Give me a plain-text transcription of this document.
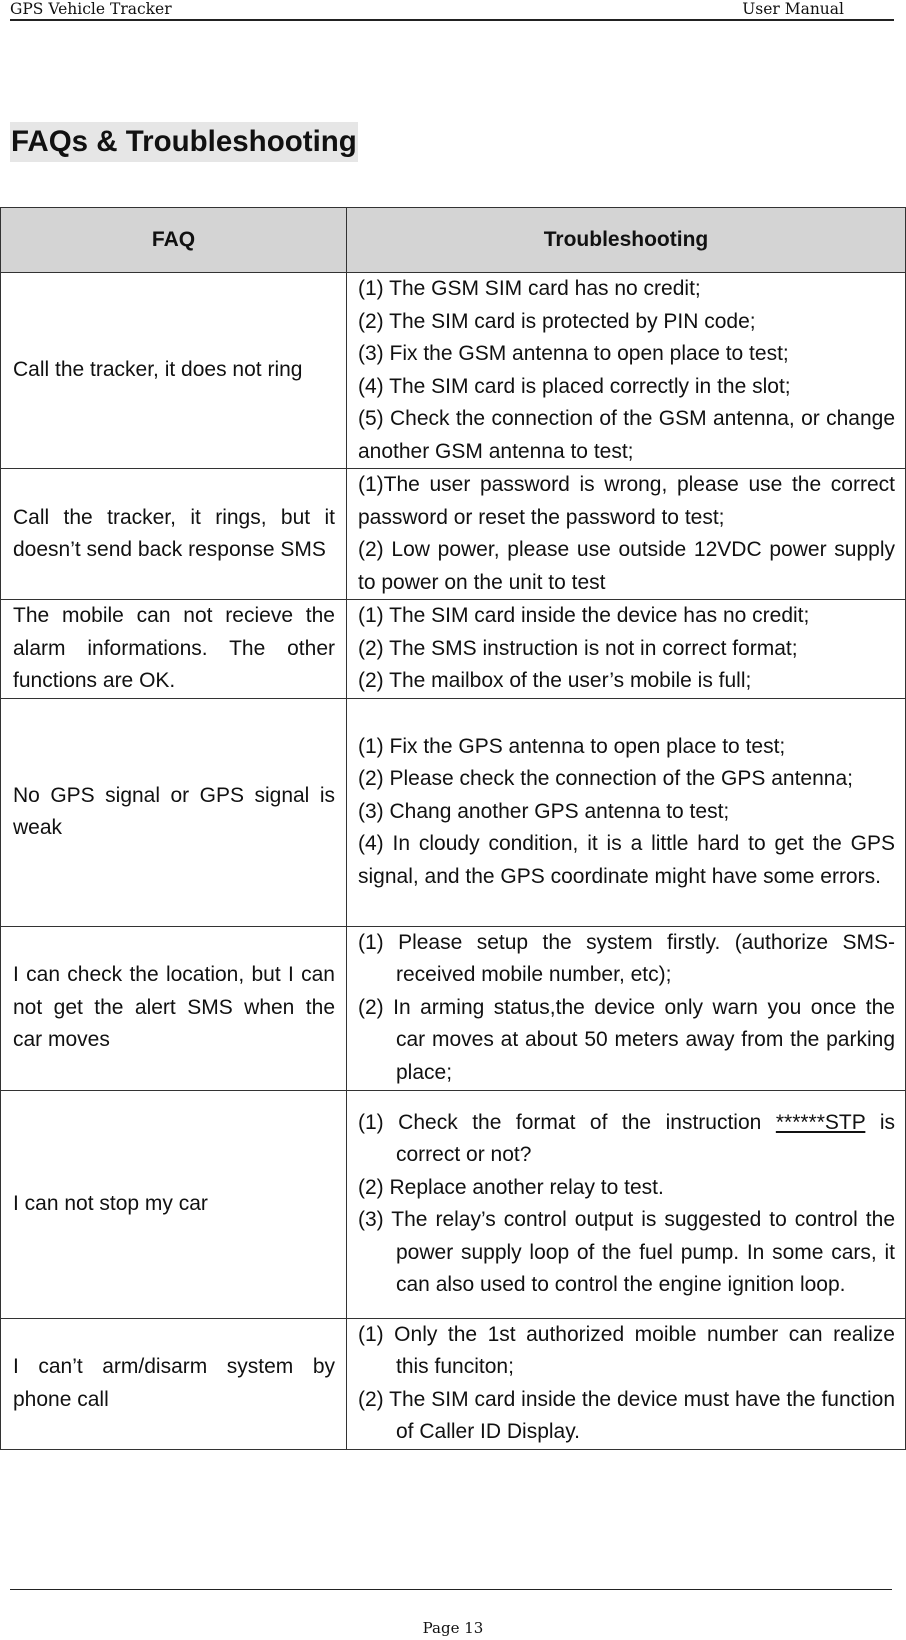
GPS Vehicle Tracker	User Manual
FAQs & Troubleshooting
FAQ	Troubleshooting
Call the tracker, it does not ring	(1) The GSM SIM card has no credit;
(2) The SIM card is protected by PIN code;
(3) Fix the GSM antenna to open place to test;
(4) The SIM card is placed correctly in the slot;
(5) Check the connection of the GSM antenna, or change another GSM antenna to test;

Call the tracker, it rings, but it doesn’t send back response SMS	(1)The user password is wrong, please use the correct password or reset the password to test;
(2) Low power, please use outside 12VDC power supply to power on the unit to test

The mobile can not recieve the alarm informations. The other functions are OK.	(1) The SIM card inside the device has no credit;
(2) The SMS instruction is not in correct format;
(2) The mailbox of the user’s mobile is full;

No GPS signal or GPS signal is weak	(1) Fix the GPS antenna to open place to test;
(2) Please check the connection of the GPS antenna;
(3) Chang another GPS antenna to test;
(4) In cloudy condition, it is a little hard to get the GPS signal, and the GPS coordinate might have some errors.

I can check the location, but I can not get the alert SMS when the car moves	(1) Please setup the system firstly. (authorize SMS-received mobile number, etc);
(2) In arming status,the device only warn you once the car moves at about 50 meters away from the parking place;

I can not stop my car	(1) Check the format of the instruction ******STP is correct or not?
(2) Replace another relay to test.
(3) The relay’s control output is suggested to control the power supply loop of the fuel pump. In some cars, it can also used to control the engine ignition loop.

I can’t arm/disarm system by phone call	(1) Only the 1st authorized moible number can realize this funciton;
(2) The SIM card inside the device must have the function of Caller ID Display.
Page 13
